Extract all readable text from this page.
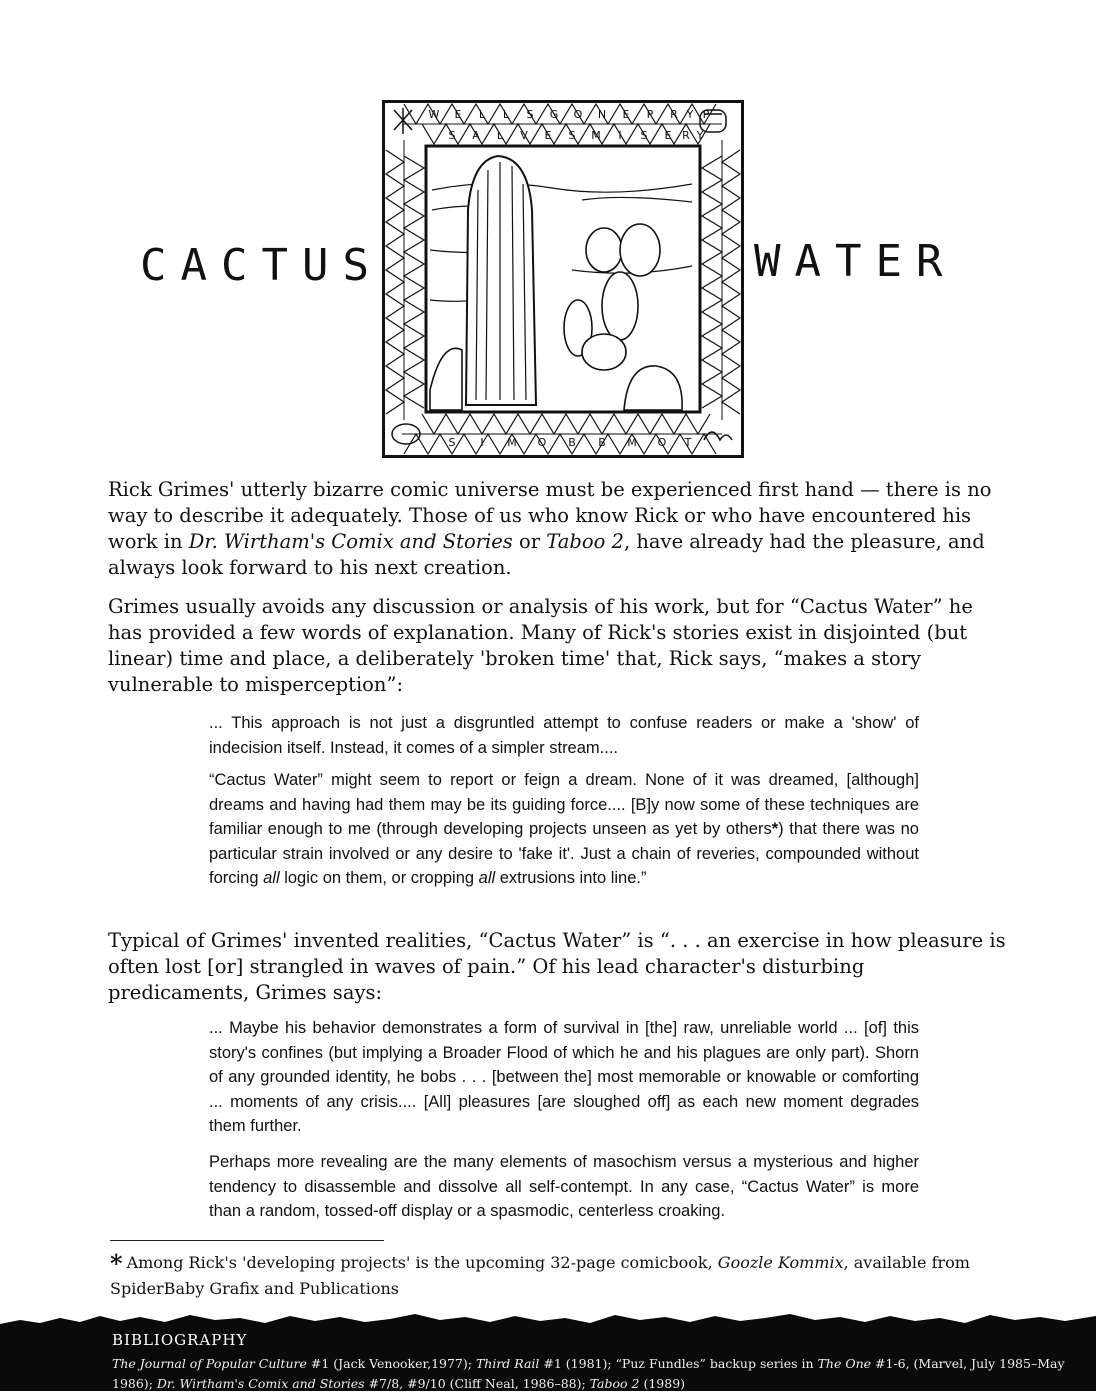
CACTUS	WATER
W E L L S G O N E P R Y P
S A L V E S M I S E R Y
S I M O B B M O T

Rick Grimes' utterly bizarre comic universe must be experienced first hand — there is no way to describe it adequately. Those of us who know Rick or who have encountered his work in Dr. Wirtham's Comix and Stories or Taboo 2, have already had the pleasure, and always look forward to his next creation.

Grimes usually avoids any discussion or analysis of his work, but for “Cactus Water” he has provided a few words of explanation. Many of Rick's stories exist in disjointed (but linear) time and place, a deliberately 'broken time' that, Rick says, “makes a story vulnerable to misperception”:

... This approach is not just a disgruntled attempt to confuse readers or make a 'show' of indecision itself. Instead, it comes of a simpler stream....

“Cactus Water” might seem to report or feign a dream. None of it was dreamed, [although] dreams and having had them may be its guiding force.... [B]y now some of these techniques are familiar enough to me (through developing projects unseen as yet by others*) that there was no particular strain involved or any desire to 'fake it'. Just a chain of reveries, compounded without forcing all logic on them, or cropping all extrusions into line.”

Typical of Grimes' invented realities, “Cactus Water” is “. . . an exercise in how pleasure is often lost [or] strangled in waves of pain.” Of his lead character's disturbing predicaments, Grimes says:

... Maybe his behavior demonstrates a form of survival in [the] raw, unreliable world ... [of] this story's confines (but implying a Broader Flood of which he and his plagues are only part). Shorn of any grounded identity, he bobs . . . [between the] most memorable or knowable or comforting ... moments of any crisis.... [All] pleasures [are sloughed off] as each new moment degrades them further.

Perhaps more revealing are the many elements of masochism versus a mysterious and higher tendency to disassemble and dissolve all self-contempt. In any case, “Cactus Water” is more than a random, tossed-off display or a spasmodic, centerless croaking.

* Among Rick's 'developing projects' is the upcoming 32-page comicbook, Goozle Kommix, available from SpiderBaby Grafix and Publications
BIBLIOGRAPHY
The Journal of Popular Culture #1 (Jack Venooker,1977); Third Rail #1 (1981); “Puz Fundles” backup series in The One #1-6, (Marvel, July 1985–May 1986); Dr. Wirtham's Comix and Stories #7/8, #9/10 (Cliff Neal, 1986–88); Taboo 2 (1989)
